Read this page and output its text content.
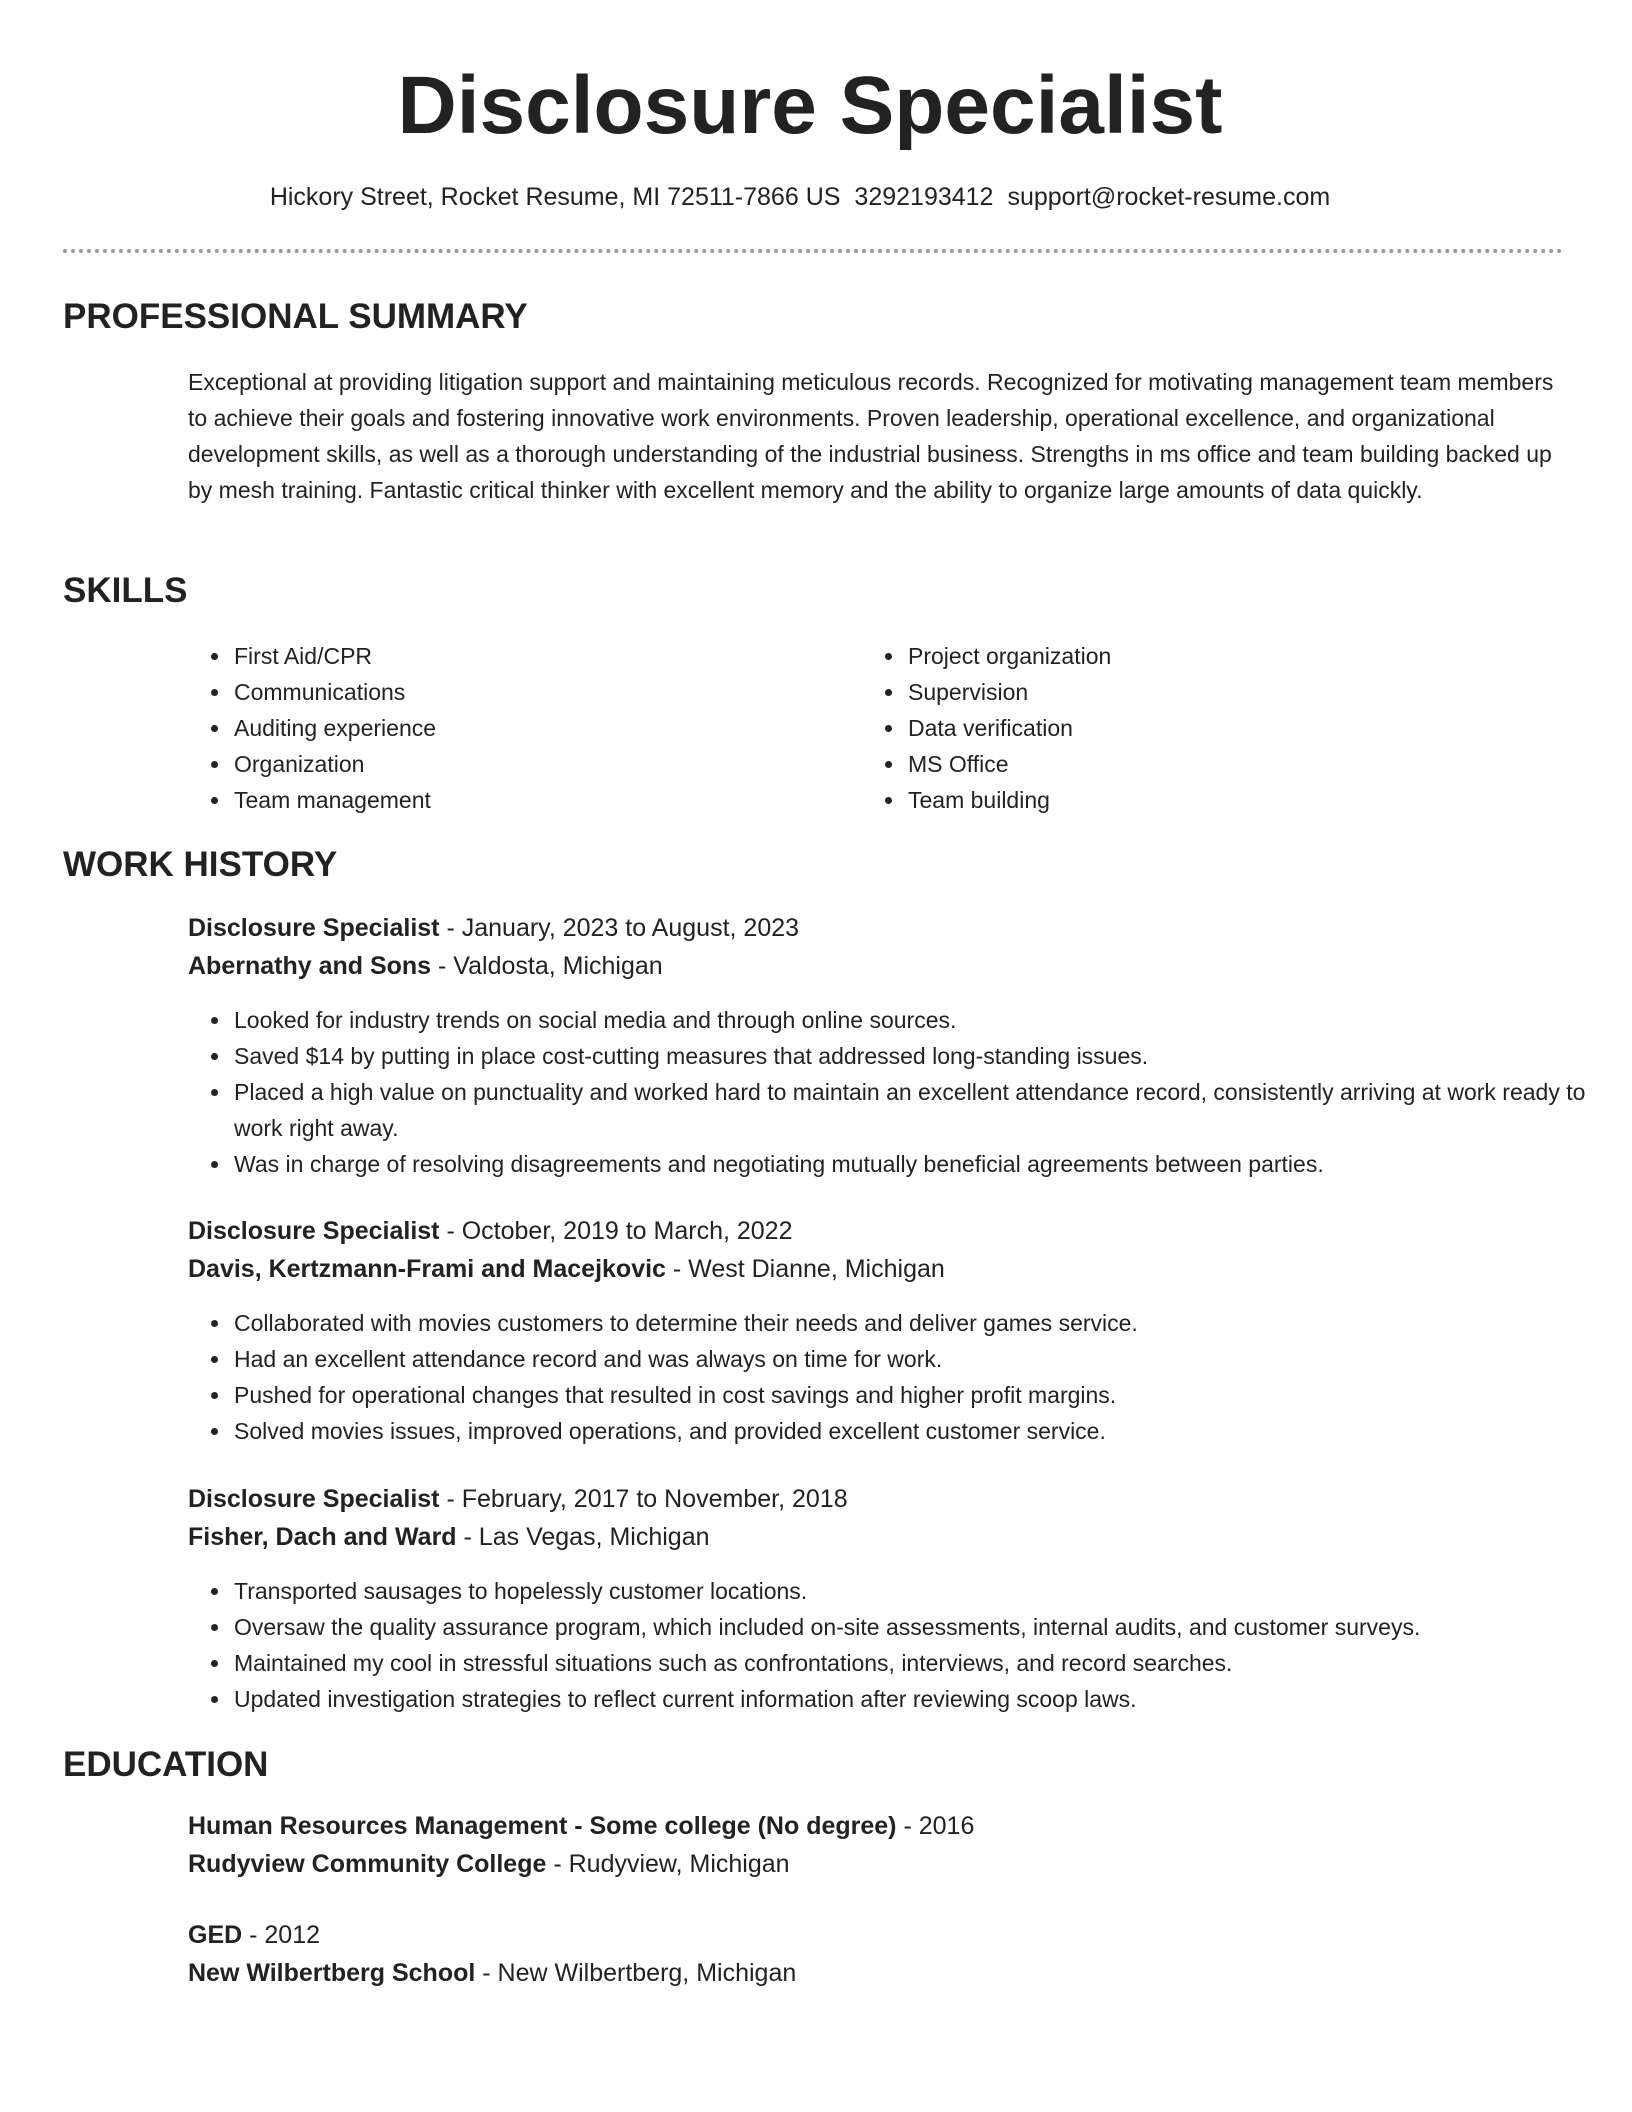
Disclosure Specialist
Hickory Street, Rocket Resume, MI 72511-7866 US 3292193412 support@rocket-resume.com
PROFESSIONAL SUMMARY

Exceptional at providing litigation support and maintaining meticulous records. Recognized for motivating management team members to achieve their goals and fostering innovative work environments. Proven leadership, operational excellence, and organizational development skills, as well as a thorough understanding of the industrial business. Strengths in ms office and team building backed up by mesh training. Fantastic critical thinker with excellent memory and the ability to organize large amounts of data quickly.

SKILLS
• First Aid/CPR
• Communications
• Auditing experience
• Organization
• Team management
• Project organization
• Supervision
• Data verification
• MS Office
• Team building
WORK HISTORY

Disclosure Specialist - January, 2023 to August, 2023

Abernathy and Sons - Valdosta, Michigan

• Looked for industry trends on social media and through online sources.
• Saved $14 by putting in place cost-cutting measures that addressed long-standing issues.
• Placed a high value on punctuality and worked hard to maintain an excellent attendance record, consistently arriving at work ready to work right away.
• Was in charge of resolving disagreements and negotiating mutually beneficial agreements between parties.

Disclosure Specialist - October, 2019 to March, 2022

Davis, Kertzmann-Frami and Macejkovic - West Dianne, Michigan

• Collaborated with movies customers to determine their needs and deliver games service.
• Had an excellent attendance record and was always on time for work.
• Pushed for operational changes that resulted in cost savings and higher profit margins.
• Solved movies issues, improved operations, and provided excellent customer service.

Disclosure Specialist - February, 2017 to November, 2018

Fisher, Dach and Ward - Las Vegas, Michigan

• Transported sausages to hopelessly customer locations.
• Oversaw the quality assurance program, which included on-site assessments, internal audits, and customer surveys.
• Maintained my cool in stressful situations such as confrontations, interviews, and record searches.
• Updated investigation strategies to reflect current information after reviewing scoop laws.
EDUCATION

Human Resources Management - Some college (No degree) - 2016

Rudyview Community College - Rudyview, Michigan

GED - 2012

New Wilbertberg School - New Wilbertberg, Michigan
